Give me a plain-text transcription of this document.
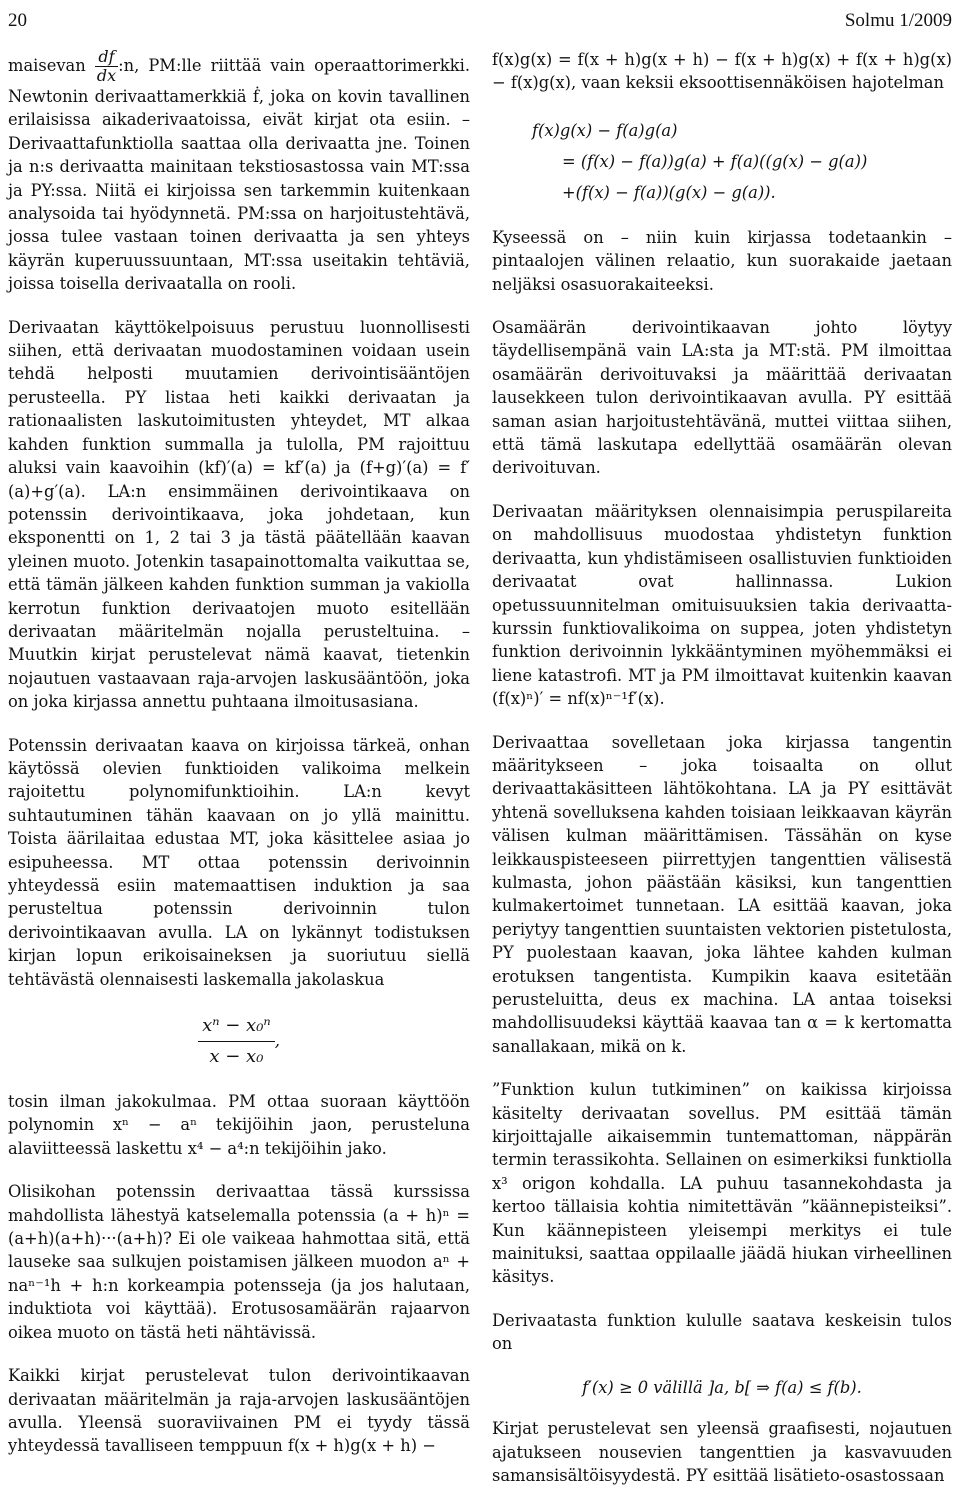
20	Solmu 1/2009

maisevan $\frac{df}{dx}$ :n, PM:lle riittää vain operaattorimerkki. Newtonin derivaattamerkkiä ḟ, joka on kovin tavallinen erilaisissa aikaderivaatoissa, eivät kirjat ota esiin. – Derivaattafunktiolla saattaa olla derivaatta jne. Toinen ja n:s derivaatta mainitaan tekstiosastossa vain MT:ssa ja PY:ssa. Niitä ei kirjoissa sen tarkemmin kuitenkaan analysoida tai hyödynnetä. PM:ssa on harjoitustehtävä, jossa tulee vastaan toinen derivaatta ja sen yhteys käyrän kuperuussuuntaan, MT:ssa useitakin tehtäviä, joissa toisella derivaatalla on rooli.

Derivaatan käyttökelpoisuus perustuu luonnollisesti siihen, että derivaatan muodostaminen voidaan usein tehdä helposti muutamien derivointisääntöjen perusteella. PY listaa heti kaikki derivaatan ja rationaalisten laskutoimitusten yhteydet, MT alkaa kahden funktion summalla ja tulolla, PM rajoittuu aluksi vain kaavoihin (kf)′(a) = kf′(a) ja (f+g)′(a) = f′(a)+g′(a). LA:n ensimmäinen derivointikaava on potenssin derivointikaava, joka johdetaan, kun eksponentti on 1, 2 tai 3 ja tästä päätellään kaavan yleinen muoto. Jotenkin tasapainottomalta vaikuttaa se, että tämän jälkeen kahden funktion summan ja vakiolla kerrotun funktion derivaatojen muoto esitellään derivaatan määritelmän nojalla perusteltuina. – Muutkin kirjat perustelevat nämä kaavat, tietenkin nojautuen vastaavaan raja-arvojen laskusääntöön, joka on joka kirjassa annettu puhtaana ilmoitusasiana.

Potenssin derivaatan kaava on kirjoissa tärkeä, onhan käytössä olevien funktioiden valikoima melkein rajoitettu polynomifunktioihin. LA:n kevyt suhtautuminen tähän kaavaan on jo yllä mainittu. Toista äärilaitaa edustaa MT, joka käsittelee asiaa jo esipuheessa. MT ottaa potenssin derivoinnin yhteydessä esiin matemaattisen induktion ja saa perusteltua potenssin derivoinnin tulon derivointikaavan avulla. LA on lykännyt todistuksen kirjan lopun erikoisaineksen ja suoriutuu siellä tehtävästä olennaisesti laskemalla jakolaskua

$\frac{\text{xⁿ − x₀ⁿ}}{\text{x − x₀}}$ ,

tosin ilman jakokulmaa. PM ottaa suoraan käyttöön polynomin xⁿ − aⁿ tekijöihin jaon, perusteluna alaviitteessä laskettu x⁴ − a⁴:n tekijöihin jako.

Olisikohan potenssin derivaattaa tässä kurssissa mahdollista lähestyä katselemalla potenssia (a + h)ⁿ = (a+h)(a+h)···(a+h)? Ei ole vaikeaa hahmottaa sitä, että lauseke saa sulkujen poistamisen jälkeen muodon aⁿ + naⁿ⁻¹h + h:n korkeampia potensseja (ja jos halutaan, induktiota voi käyttää). Erotusosamäärän rajaarvon oikea muoto on tästä heti nähtävissä.

Kaikki kirjat perustelevat tulon derivointikaavan derivaatan määritelmän ja raja-arvojen laskusääntöjen avulla. Yleensä suoraviivainen PM ei tyydy tässä yhteydessä tavalliseen temppuun f(x + h)g(x + h) −

f(x)g(x) = f(x + h)g(x + h) − f(x + h)g(x) + f(x + h)g(x) − f(x)g(x), vaan keksii eksoottisennäköisen hajotelman

f(x)g(x) − f(a)g(a)
= (f(x) − f(a))g(a) + f(a)((g(x) − g(a))
+(f(x) − f(a))(g(x) − g(a)).

Kyseessä on – niin kuin kirjassa todetaankin – pintaalojen välinen relaatio, kun suorakaide jaetaan neljäksi osasuorakaiteeksi.

Osamäärän derivointikaavan johto löytyy täydellisempänä vain LA:sta ja MT:stä. PM ilmoittaa osamäärän derivoituvaksi ja määrittää derivaatan lausekkeen tulon derivointikaavan avulla. PY esittää saman asian harjoitustehtävänä, muttei viittaa siihen, että tämä laskutapa edellyttää osamäärän olevan derivoituvan.

Derivaatan määrityksen olennaisimpia peruspilareita on mahdollisuus muodostaa yhdistetyn funktion derivaatta, kun yhdistämiseen osallistuvien funktioiden derivaatat ovat hallinnassa. Lukion opetussuunnitelman omituisuuksien takia derivaatta-kurssin funktiovalikoima on suppea, joten yhdistetyn funktion derivoinnin lykkääntyminen myöhemmäksi ei liene katastrofi. MT ja PM ilmoittavat kuitenkin kaavan (f(x)ⁿ)′ = nf(x)ⁿ⁻¹f′(x).

Derivaattaa sovelletaan joka kirjassa tangentin määritykseen – joka toisaalta on ollut derivaattakäsitteen lähtökohtana. LA ja PY esittävät yhtenä sovelluksena kahden toisiaan leikkaavan käyrän välisen kulman määrittämisen. Tässähän on kyse leikkauspisteeseen piirrettyjen tangenttien välisestä kulmasta, johon päästään käsiksi, kun tangenttien kulmakertoimet tunnetaan. LA esittää kaavan, joka periytyy tangenttien suuntaisten vektorien pistetulosta, PY puolestaan kaavan, joka lähtee kahden kulman erotuksen tangentista. Kumpikin kaava esitetään perusteluitta, deus ex machina. LA antaa toiseksi mahdollisuudeksi käyttää kaavaa tan α = k kertomatta sanallakaan, mikä on k.

”Funktion kulun tutkiminen” on kaikissa kirjoissa käsitelty derivaatan sovellus. PM esittää tämän kirjoittajalle aikaisemmin tuntemattoman, näppärän termin terassikohta. Sellainen on esimerkiksi funktiolla x³ origon kohdalla. LA puhuu tasannekohdasta ja kertoo tällaisia kohtia nimitettävän ”käännepisteiksi”. Kun käännepisteen yleisempi merkitys ei tule mainituksi, saattaa oppilaalle jäädä hiukan virheellinen käsitys.

Derivaatasta funktion kululle saatava keskeisin tulos on

f′(x) ≥ 0 välillä ]a, b[ ⇒ f(a) ≤ f(b).

Kirjat perustelevat sen yleensä graafisesti, nojautuen ajatukseen nousevien tangenttien ja kasvavuuden samansisältöisyydestä. PY esittää lisätieto-osastossaan
